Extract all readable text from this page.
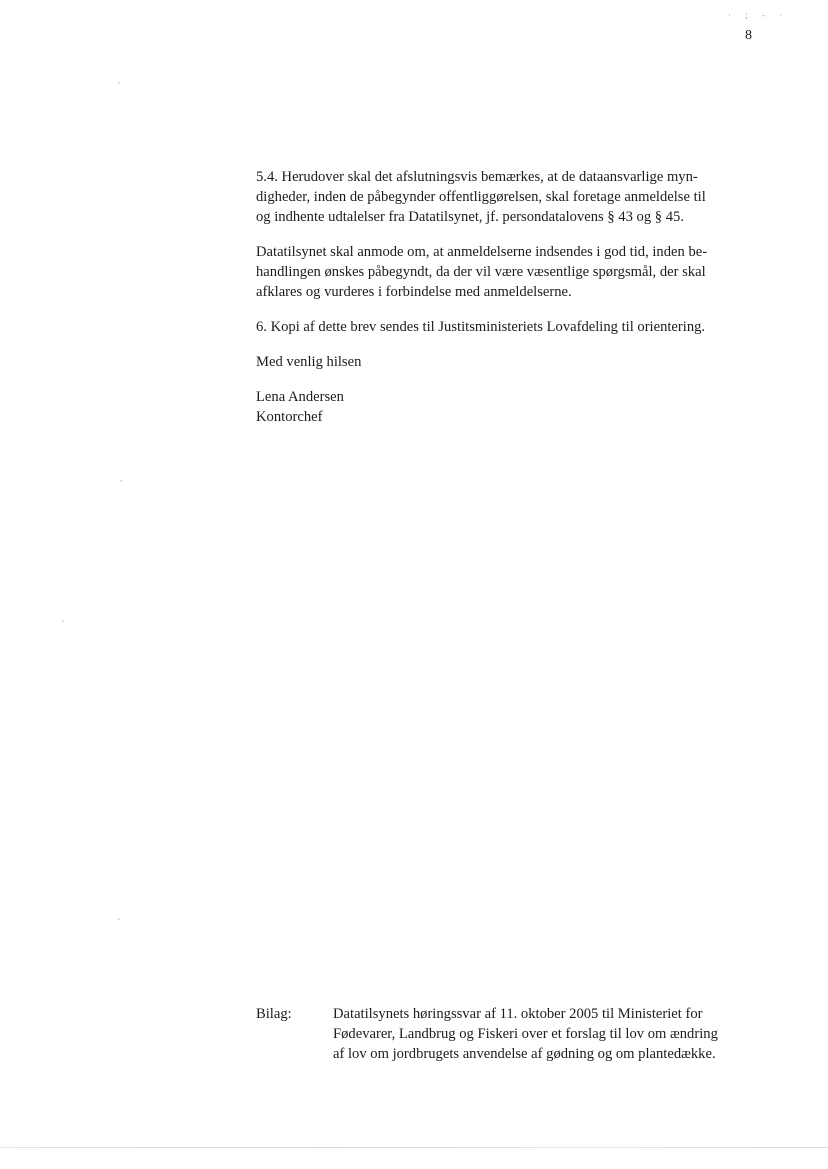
· ; - ·
8

5.4. Herudover skal det afslutningsvis bemærkes, at de dataansvarlige myn-

digheder, inden de påbegynder offentliggørelsen, skal foretage anmeldelse til

og indhente udtalelser fra Datatilsynet, jf. persondatalovens § 43 og § 45.

Datatilsynet skal anmode om, at anmeldelserne indsendes i god tid, inden be-

handlingen ønskes påbegyndt, da der vil være væsentlige spørgsmål, der skal

afklares og vurderes i forbindelse med anmeldelserne.

6. Kopi af dette brev sendes til Justitsministeriets Lovafdeling til orientering.

Med venlig hilsen

Lena Andersen

Kontorchef

Bilag:	Datatilsynets høringssvar af 11. oktober 2005 til Ministeriet for
Fødevarer, Landbrug og Fiskeri over et forslag til lov om ændring
af lov om jordbrugets anvendelse af gødning og om plantedække.
